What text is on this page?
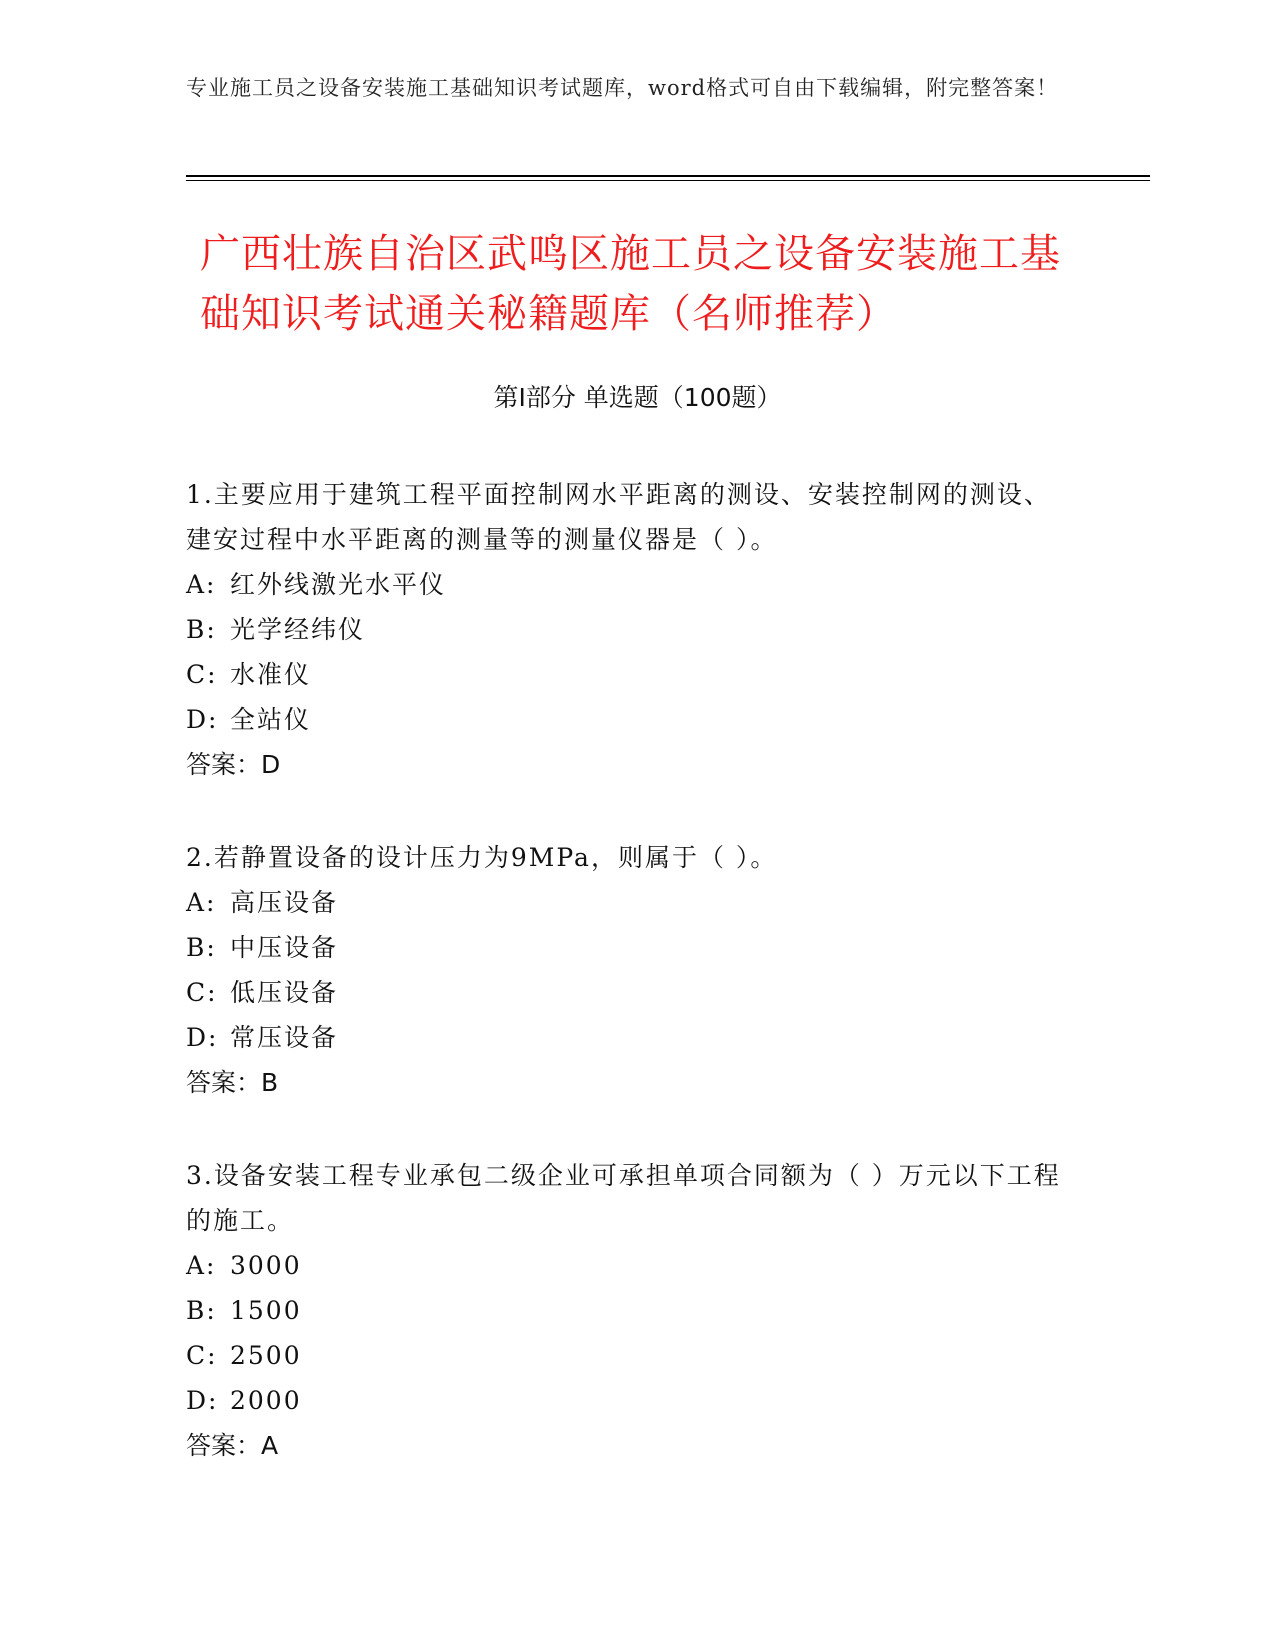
专业施工员之设备安装施工基础知识考试题库，word格式可自由下载编辑，附完整答案！
广西壮族自治区武鸣区施工员之设备安装施工基础知识考试通关秘籍题库（名师推荐）
第I部分 单选题（100题）

1.主要应用于建筑工程平面控制网水平距离的测设、安装控制网的测设、建安过程中水平距离的测量等的测量仪器是（ ）。

A: 红外线激光水平仪

B: 光学经纬仪

C: 水准仪

D: 全站仪

答案：D

2.若静置设备的设计压力为9MPa，则属于（ ）。

A: 高压设备

B: 中压设备

C: 低压设备

D: 常压设备

答案：B

3.设备安装工程专业承包二级企业可承担单项合同额为（ ）万元以下工程的施工。

A: 3000

B: 1500

C: 2500

D: 2000

答案：A
